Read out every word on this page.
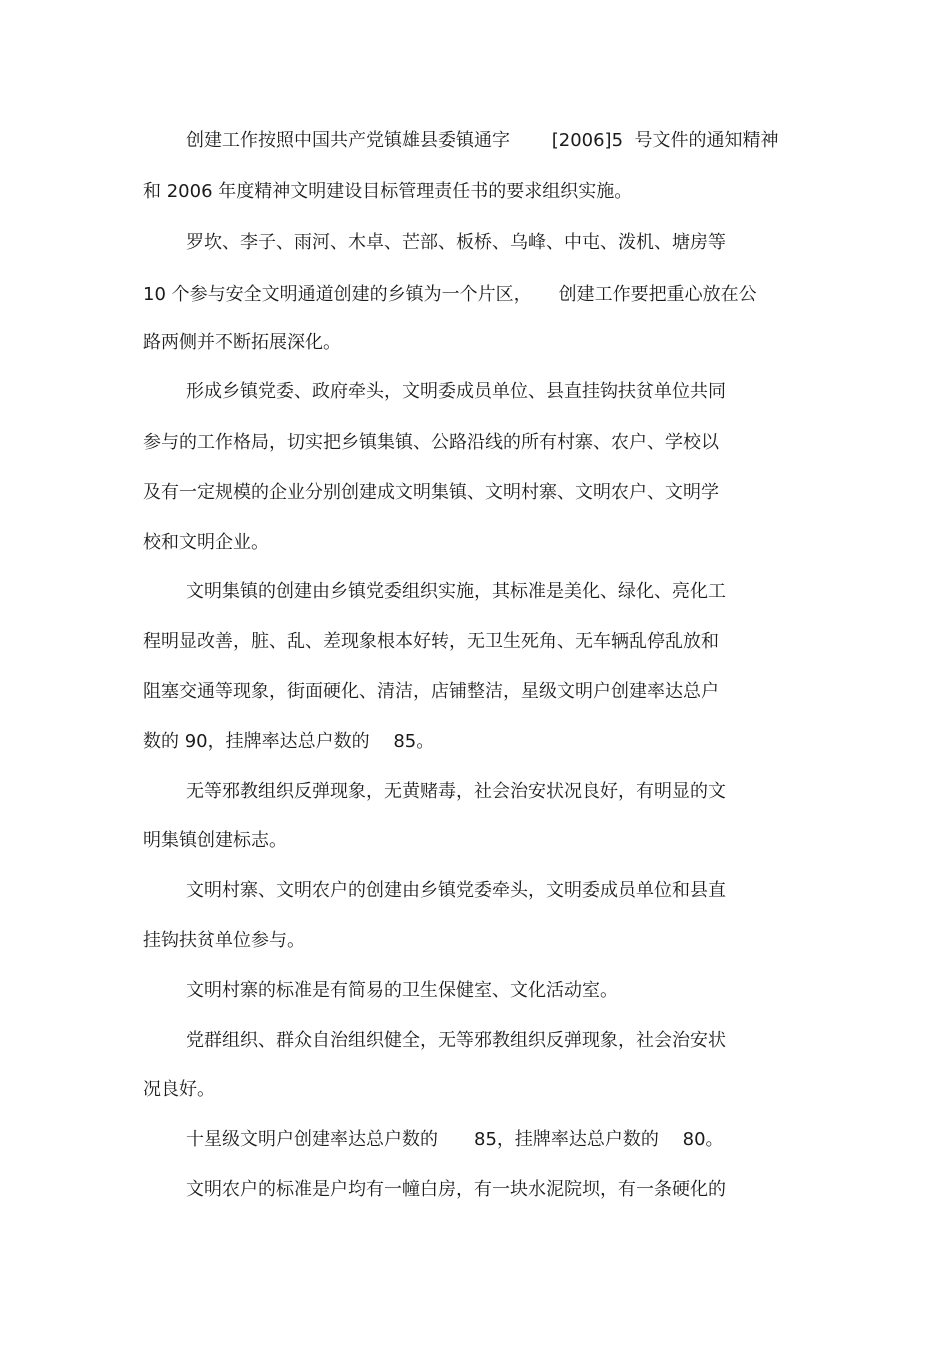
创建工作按照中国共产党镇雄县委镇通字　　 [2006]5  号文件的通知精神
和 2006 年度精神文明建设目标管理责任书的要求组织实施。
罗坎、李子、雨河、木卓、芒部、板桥、乌峰、中屯、泼机、塘房等
10 个参与安全文明通道创建的乡镇为一个片区，　　创建工作要把重心放在公
路两侧并不断拓展深化。
形成乡镇党委、政府牵头，文明委成员单位、县直挂钩扶贫单位共同
参与的工作格局，切实把乡镇集镇、公路沿线的所有村寨、农户、学校以
及有一定规模的企业分别创建成文明集镇、文明村寨、文明农户、文明学
校和文明企业。
文明集镇的创建由乡镇党委组织实施，其标准是美化、绿化、亮化工
程明显改善，脏、乱、差现象根本好转，无卫生死角、无车辆乱停乱放和
阻塞交通等现象，街面硬化、清洁，店铺整洁，星级文明户创建率达总户
数的 90，挂牌率达总户数的　 85。
无等邪教组织反弹现象，无黄赌毒，社会治安状况良好，有明显的文
明集镇创建标志。
文明村寨、文明农户的创建由乡镇党委牵头，文明委成员单位和县直
挂钩扶贫单位参与。
文明村寨的标准是有简易的卫生保健室、文化活动室。
党群组织、群众自治组织健全，无等邪教组织反弹现象，社会治安状
况良好。
十星级文明户创建率达总户数的　　85，挂牌率达总户数的　 80。
文明农户的标准是户均有一幢白房，有一块水泥院坝，有一条硬化的
